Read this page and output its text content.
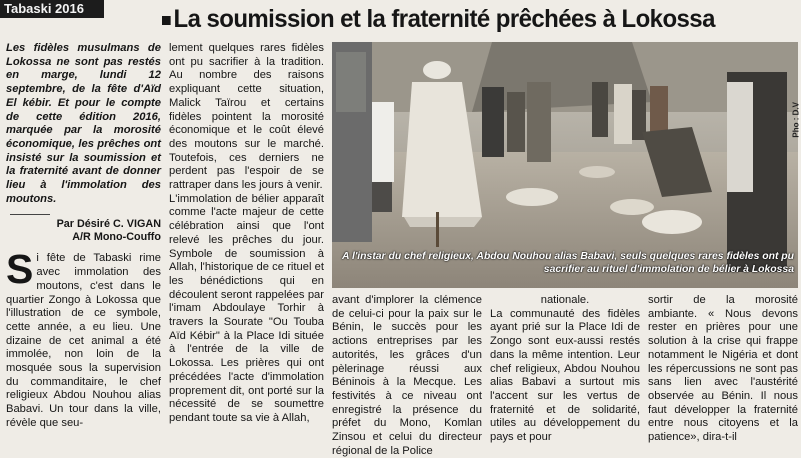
Tabaski 2016	La soumission et la fraternité prêchées à Lokossa

Les fidèles musulmans de Lokossa ne sont pas restés en marge, lundi 12 septembre, de la fête d'Aïd El kébir. Et pour le compte de cette édition 2016, marquée par la morosité économique, les prêches ont insisté sur la soumission et la fraternité avant de donner lieu à l'immolation des moutons.

Par Désiré C. VIGAN

A/R Mono-Couffo

Si fête de Tabaski rime avec immolation des moutons, c'est dans le quartier Zongo à Lokossa que l'illustration de ce symbole, cette année, a eu lieu. Une dizaine de cet animal a été immolée, non loin de la mosquée sous la supervision du commanditaire, le chef religieux Abdou Nouhou alias Babavi. Un tour dans la ville, révèle que seu-

lement quelques rares fidèles ont pu sacrifier à la tradition. Au nombre des raisons expliquant cette situation, Malick Taïrou et certains fidèles pointent la morosité économique et le coût élevé des moutons sur le marché. Toutefois, ces derniers ne perdent pas l'espoir de se rattraper dans les jours à venir.

L'immolation de bélier apparaît comme l'acte majeur de cette célébration ainsi que l'ont relevé les prêches du jour. Symbole de soumission à Allah, l'historique de ce rituel et les bénédictions qui en découlent seront rappelées par l'imam Abdoulaye Torhir à travers la Sourate "Ou Touba Aïd Kébir" à la Place Idi située à l'entrée de la ville de Lokossa. Les prières qui ont précédées l'acte d'immolation proprement dit, ont porté sur la nécessité de se soumettre pendant toute sa vie à Allah,

Pho : D.V
A l'instar du chef religieux, Abdou Nouhou alias Babavi, seuls quelques rares fidèles ont pu sacrifier au rituel d'immolation de bélier à Lokossa

avant d'implorer la clémence de celui-ci pour la paix sur le Bénin, le succès pour les actions entreprises par les autorités, les grâces d'un pèlerinage réussi aux Béninois à la Mecque. Les festivités à ce niveau ont enregistré la présence du préfet du Mono, Komlan Zinsou et celui du directeur régional de la Police

nationale.

La communauté des fidèles ayant prié sur la Place Idi de Zongo sont eux-aussi restés dans la même intention. Leur chef religieux, Abdou Nouhou alias Babavi a surtout mis l'accent sur les vertus de fraternité et de solidarité, utiles au développement du pays et pour

sortir de la morosité ambiante. « Nous devons rester en prières pour une solution à la crise qui frappe notamment le Nigéria et dont les répercussions ne sont pas sans lien avec l'austérité observée au Bénin. Il nous faut développer la fraternité entre nous citoyens et la patience», dira-t-il
